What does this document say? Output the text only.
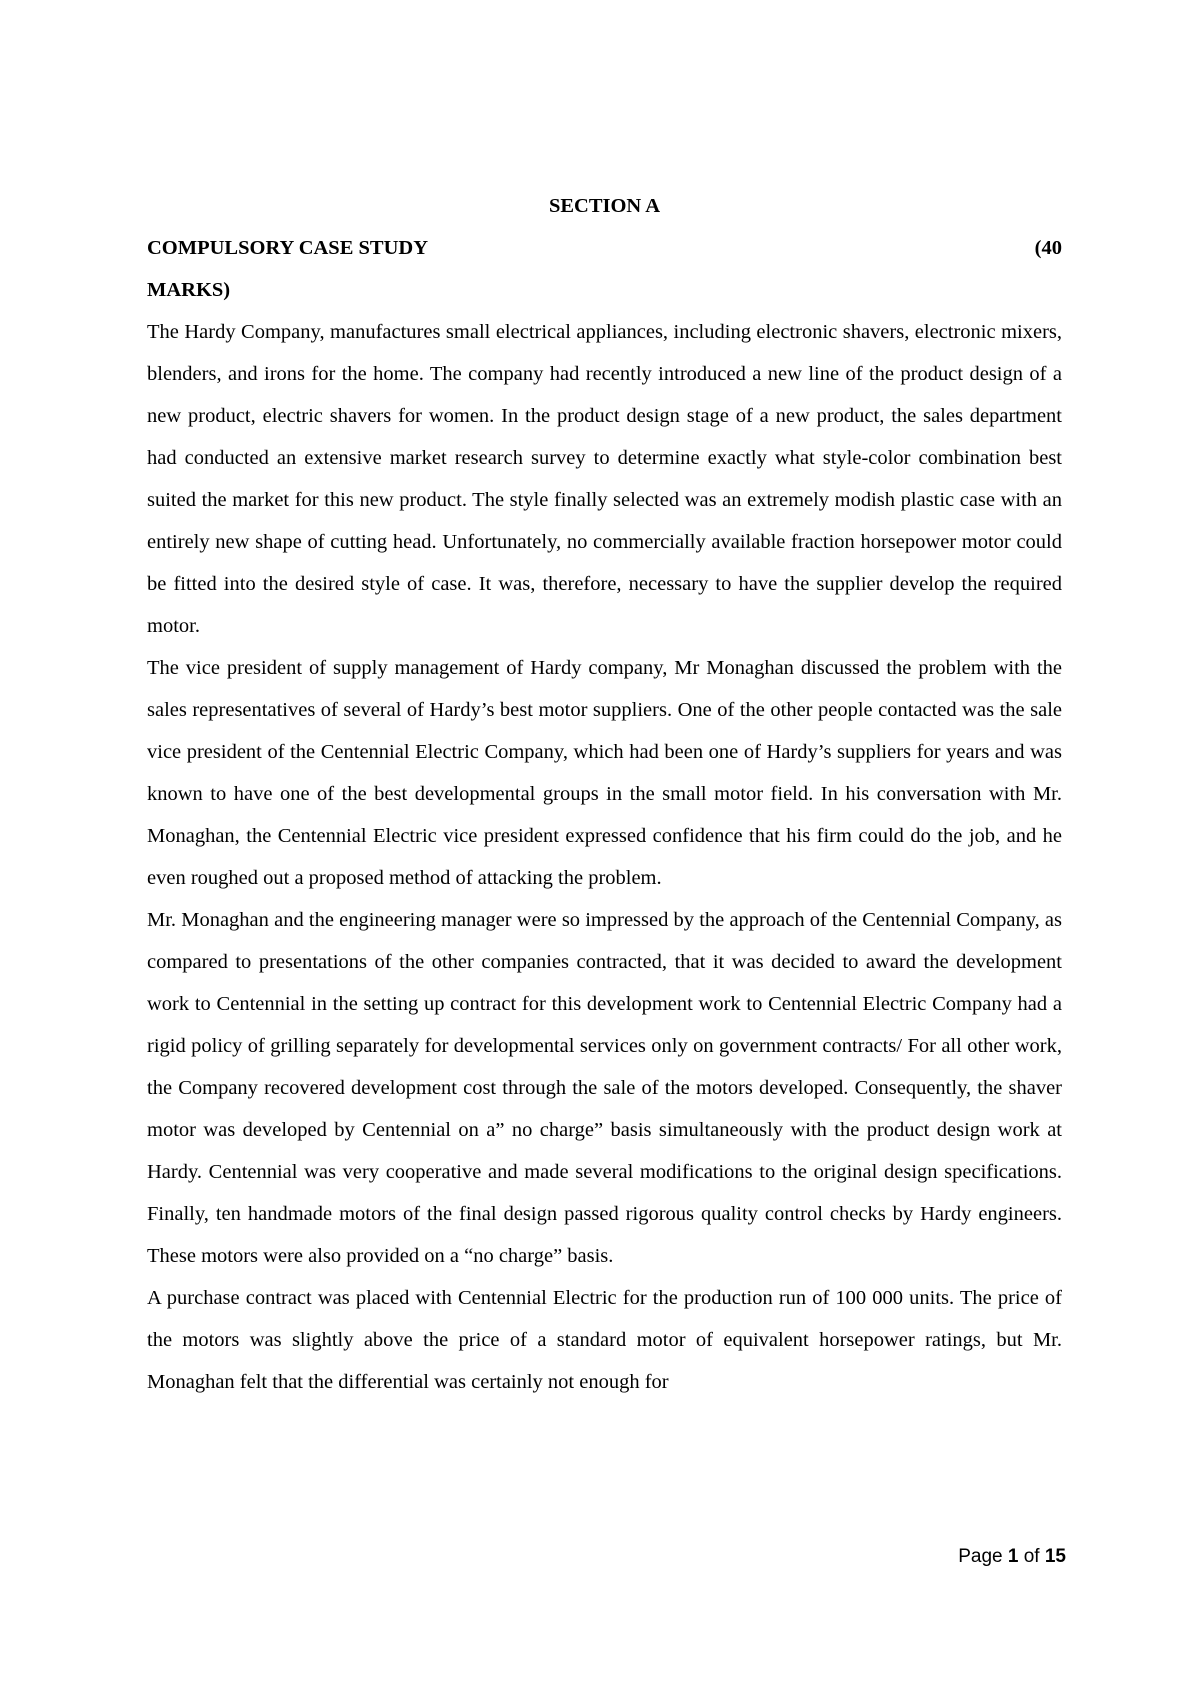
SECTION A

COMPULSORY CASE STUDY	(40
MARKS)

The Hardy Company, manufactures small electrical appliances, including electronic shavers, electronic mixers, blenders, and irons for the home. The company had recently introduced a new line of the product design of a new product, electric shavers for women. In the product design stage of a new product, the sales department had conducted an extensive market research survey to determine exactly what style-color combination best suited the market for this new product. The style finally selected was an extremely modish plastic case with an entirely new shape of cutting head. Unfortunately, no commercially available fraction horsepower motor could be fitted into the desired style of case. It was, therefore, necessary to have the supplier develop the required motor.

The vice president of supply management of Hardy company, Mr Monaghan discussed the problem with the sales representatives of several of Hardy’s best motor suppliers. One of the other people contacted was the sale vice president of the Centennial Electric Company, which had been one of Hardy’s suppliers for years and was known to have one of the best developmental groups in the small motor field. In his conversation with Mr. Monaghan, the Centennial Electric vice president expressed confidence that his firm could do the job, and he even roughed out a proposed method of attacking the problem.

Mr. Monaghan and the engineering manager were so impressed by the approach of the Centennial Company, as compared to presentations of the other companies contracted, that it was decided to award the development work to Centennial in the setting up contract for this development work to Centennial Electric Company had a rigid policy of grilling separately for developmental services only on government contracts/ For all other work, the Company recovered development cost through the sale of the motors developed. Consequently, the shaver motor was developed by Centennial on a” no charge” basis simultaneously with the product design work at Hardy. Centennial was very cooperative and made several modifications to the original design specifications. Finally, ten handmade motors of the final design passed rigorous quality control checks by Hardy engineers. These motors were also provided on a “no charge” basis.

A purchase contract was placed with Centennial Electric for the production run of 100 000 units. The price of the motors was slightly above the price of a standard motor of equivalent horsepower ratings, but Mr. Monaghan felt that the differential was certainly not enough for

Page 1 of 15
